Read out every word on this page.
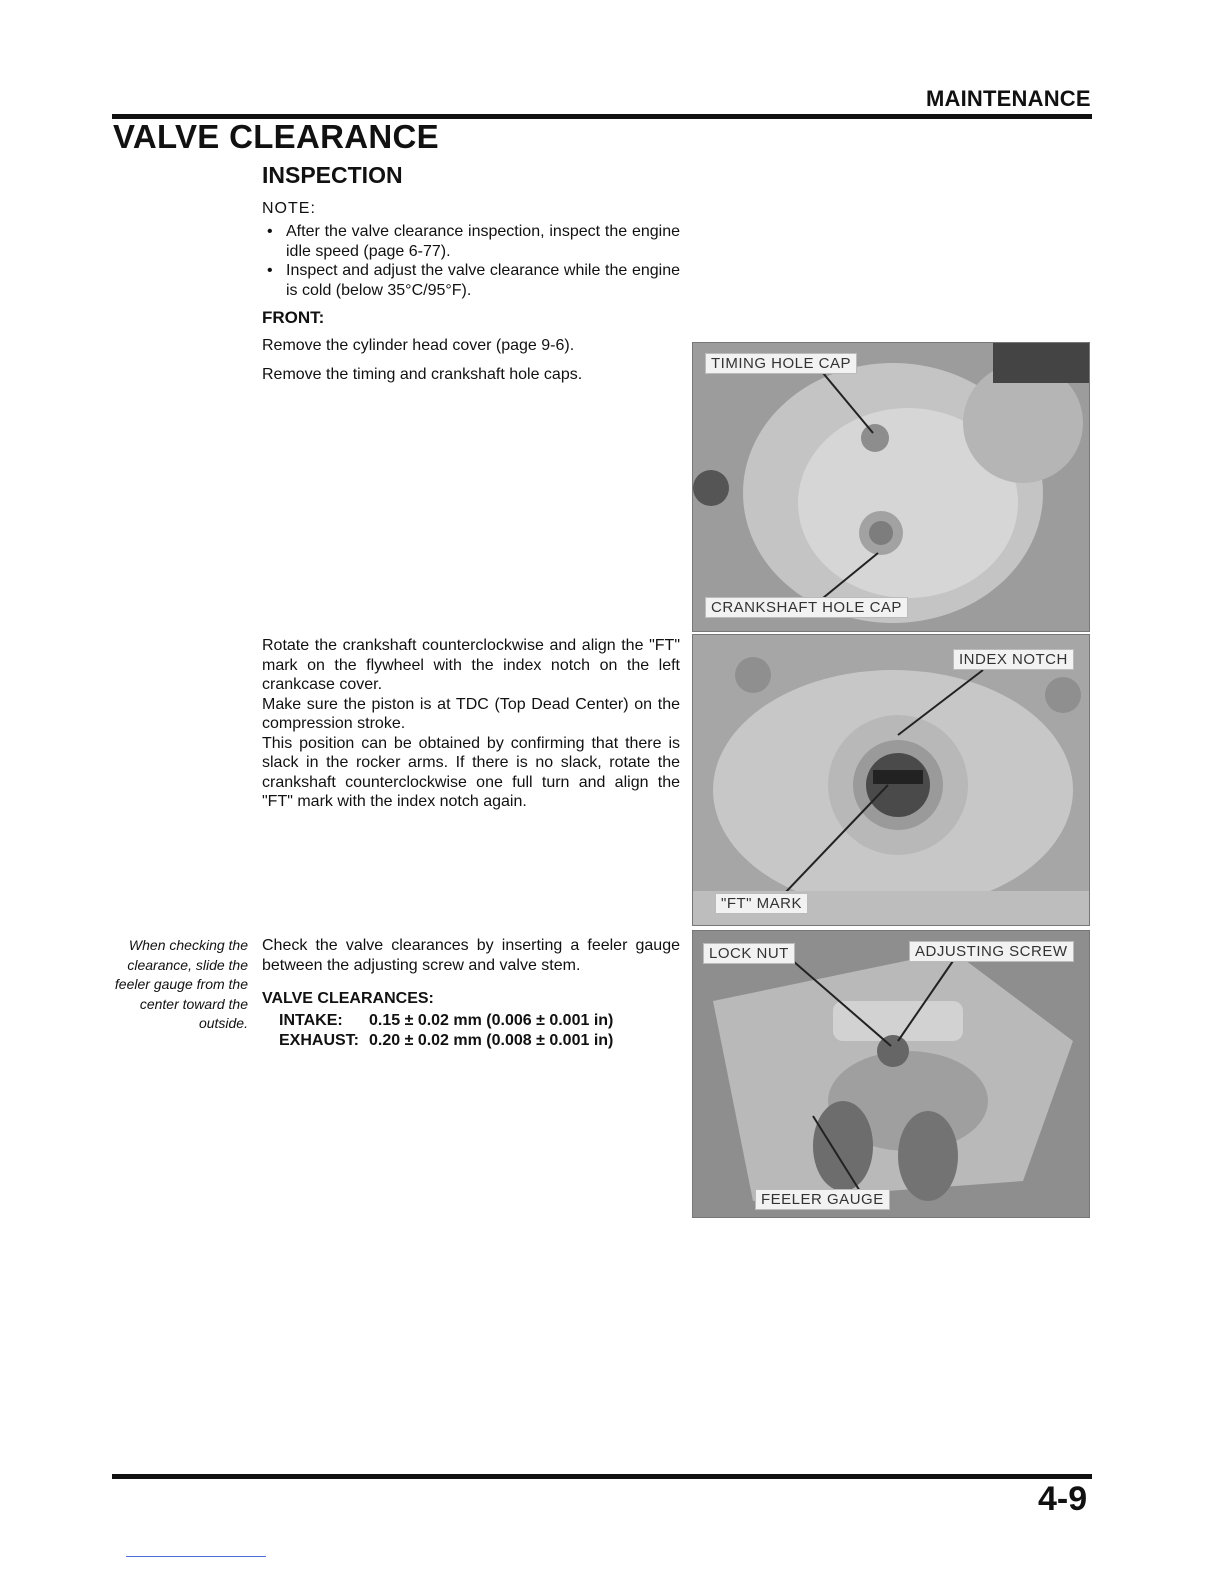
MAINTENANCE
VALVE CLEARANCE
INSPECTION
NOTE:
• After the valve clearance inspection, inspect the engine idle speed (page 6-77).
• Inspect and adjust the valve clearance while the engine is cold (below 35°C/95°F).
FRONT:
Remove the cylinder head cover (page 9-6).
Remove the timing and crankshaft hole caps.
Rotate the crankshaft counterclockwise and align the "FT" mark on the flywheel with the index notch on the left crankcase cover.
Make sure the piston is at TDC (Top Dead Center) on the compression stroke.
This position can be obtained by confirming that there is slack in the rocker arms. If there is no slack, rotate the crankshaft counterclockwise one full turn and align the "FT" mark with the index notch again.
When checking the clearance, slide the feeler gauge from the center toward the outside.
Check the valve clearances by inserting a feeler gauge between the adjusting screw and valve stem.
VALVE CLEARANCES:
INTAKE: 0.15 ± 0.02 mm (0.006 ± 0.001 in)
EXHAUST: 0.20 ± 0.02 mm (0.008 ± 0.001 in)
TIMING HOLE CAP
CRANKSHAFT HOLE CAP
INDEX NOTCH
"FT" MARK
LOCK NUT	ADJUSTING SCREW
FEELER GAUGE
4-9
